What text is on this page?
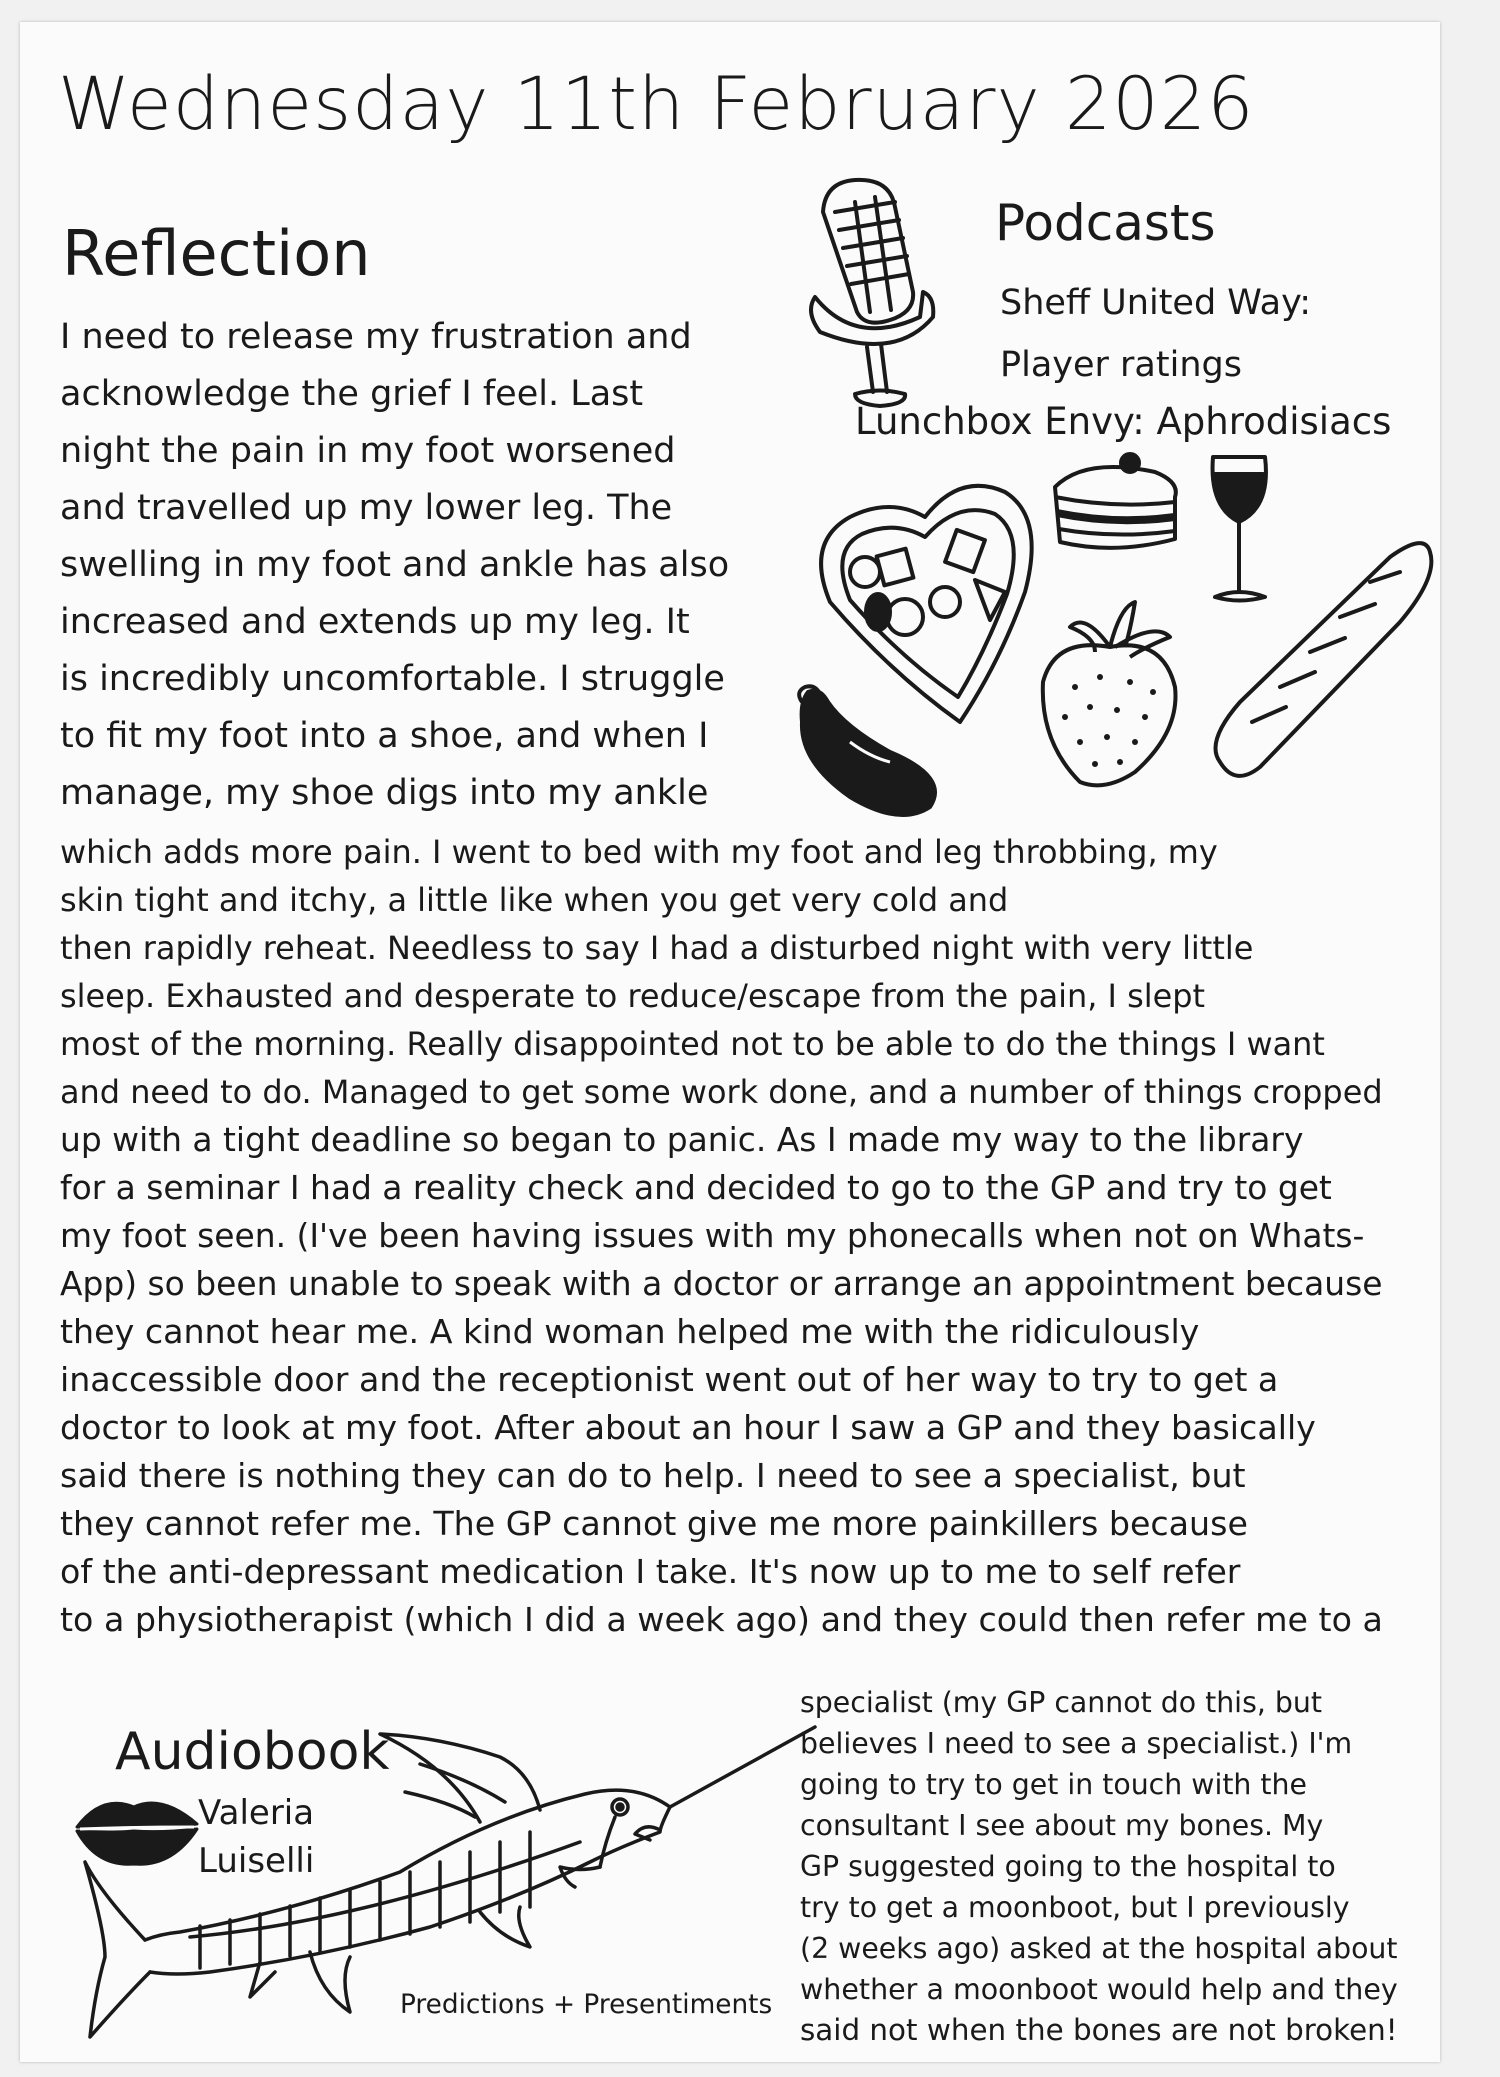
Wednesday 11th February 2026
Reflection
I need to release my frustration and
acknowledge the grief I feel. Last
night the pain in my foot worsened
and travelled up my lower leg. The
swelling in my foot and ankle has also
increased and extends up my leg. It
is incredibly uncomfortable. I struggle
to fit my foot into a shoe, and when I
manage, my shoe digs into my ankle
which adds more pain. I went to bed with my foot and leg throbbing, my
skin tight and itchy, a little like when you get very cold and
then rapidly reheat. Needless to say I had a disturbed night with very little
sleep. Exhausted and desperate to reduce/escape from the pain, I slept
most of the morning. Really disappointed not to be able to do the things I want
and need to do. Managed to get some work done, and a number of things cropped
up with a tight deadline so began to panic. As I made my way to the library
for a seminar I had a reality check and decided to go to the GP and try to get
my foot seen. (I've been having issues with my phonecalls when not on Whats-
App) so been unable to speak with a doctor or arrange an appointment because
they cannot hear me. A kind woman helped me with the ridiculously
inaccessible door and the receptionist went out of her way to try to get a
doctor to look at my foot. After about an hour I saw a GP and they basically
said there is nothing they can do to help. I need to see a specialist, but
they cannot refer me. The GP cannot give me more painkillers because
of the anti-depressant medication I take. It's now up to me to self refer
to a physiotherapist (which I did a week ago) and they could then refer me to a
specialist (my GP cannot do this, but
believes I need to see a specialist.) I'm
going to try to get in touch with the
consultant I see about my bones. My
GP suggested going to the hospital to
try to get a moonboot, but I previously
(2 weeks ago) asked at the hospital about
whether a moonboot would help and they
said not when the bones are not broken!
Podcasts
Sheff United Way:
Player ratings
Lunchbox Envy: Aphrodisiacs
Audiobook
Valeria
Luiselli
Predictions + Presentiments
